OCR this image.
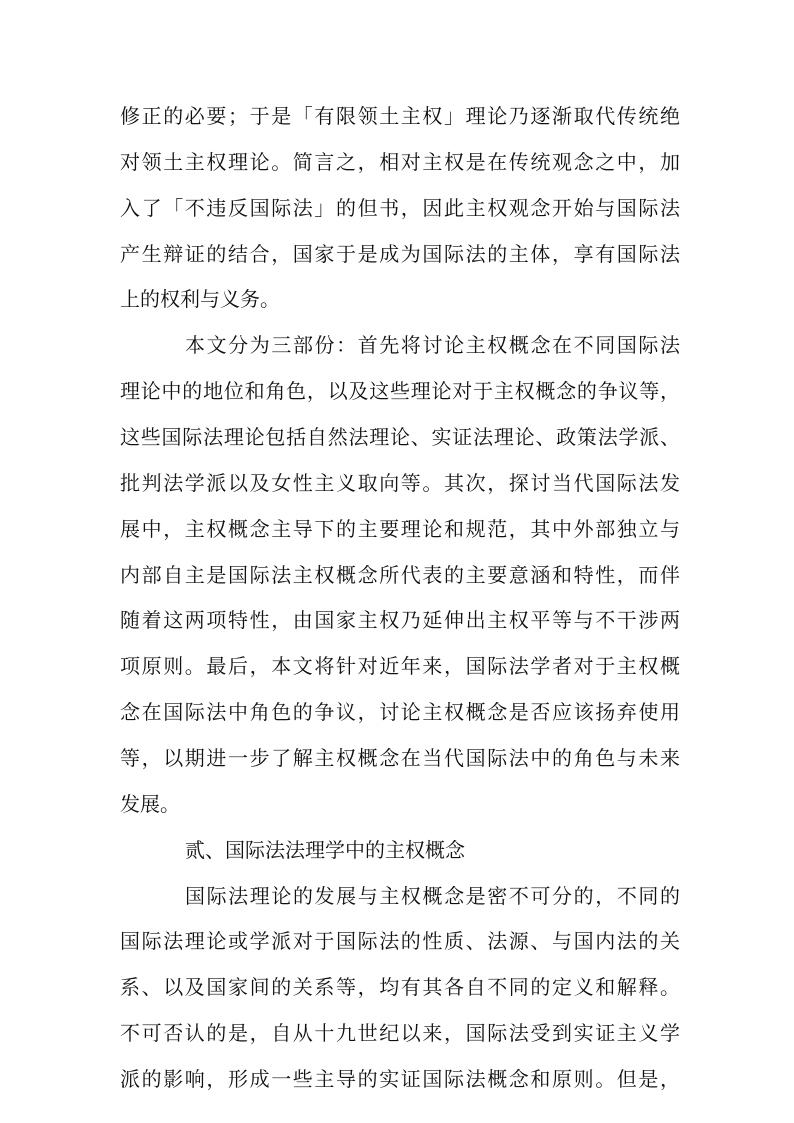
修正的必要；于是「有限领土主权」理论乃逐渐取代传统绝
对领土主权理论。简言之，相对主权是在传统观念之中，加
入了「不违反国际法」的但书，因此主权观念开始与国际法
产生辩证的结合，国家于是成为国际法的主体，享有国际法
上的权利与义务。
本文分为三部份：首先将讨论主权概念在不同国际法
理论中的地位和角色，以及这些理论对于主权概念的争议等，
这些国际法理论包括自然法理论、实证法理论、政策法学派、
批判法学派以及女性主义取向等。其次，探讨当代国际法发
展中，主权概念主导下的主要理论和规范，其中外部独立与
内部自主是国际法主权概念所代表的主要意涵和特性，而伴
随着这两项特性，由国家主权乃延伸出主权平等与不干涉两
项原则。最后，本文将针对近年来，国际法学者对于主权概
念在国际法中角色的争议，讨论主权概念是否应该扬弃使用
等，以期进一步了解主权概念在当代国际法中的角色与未来
发展。
贰、国际法法理学中的主权概念
国际法理论的发展与主权概念是密不可分的，不同的
国际法理论或学派对于国际法的性质、法源、与国内法的关
系、以及国家间的关系等，均有其各自不同的定义和解释。
不可否认的是，自从十九世纪以来，国际法受到实证主义学
派的影响，形成一些主导的实证国际法概念和原则。但是，
